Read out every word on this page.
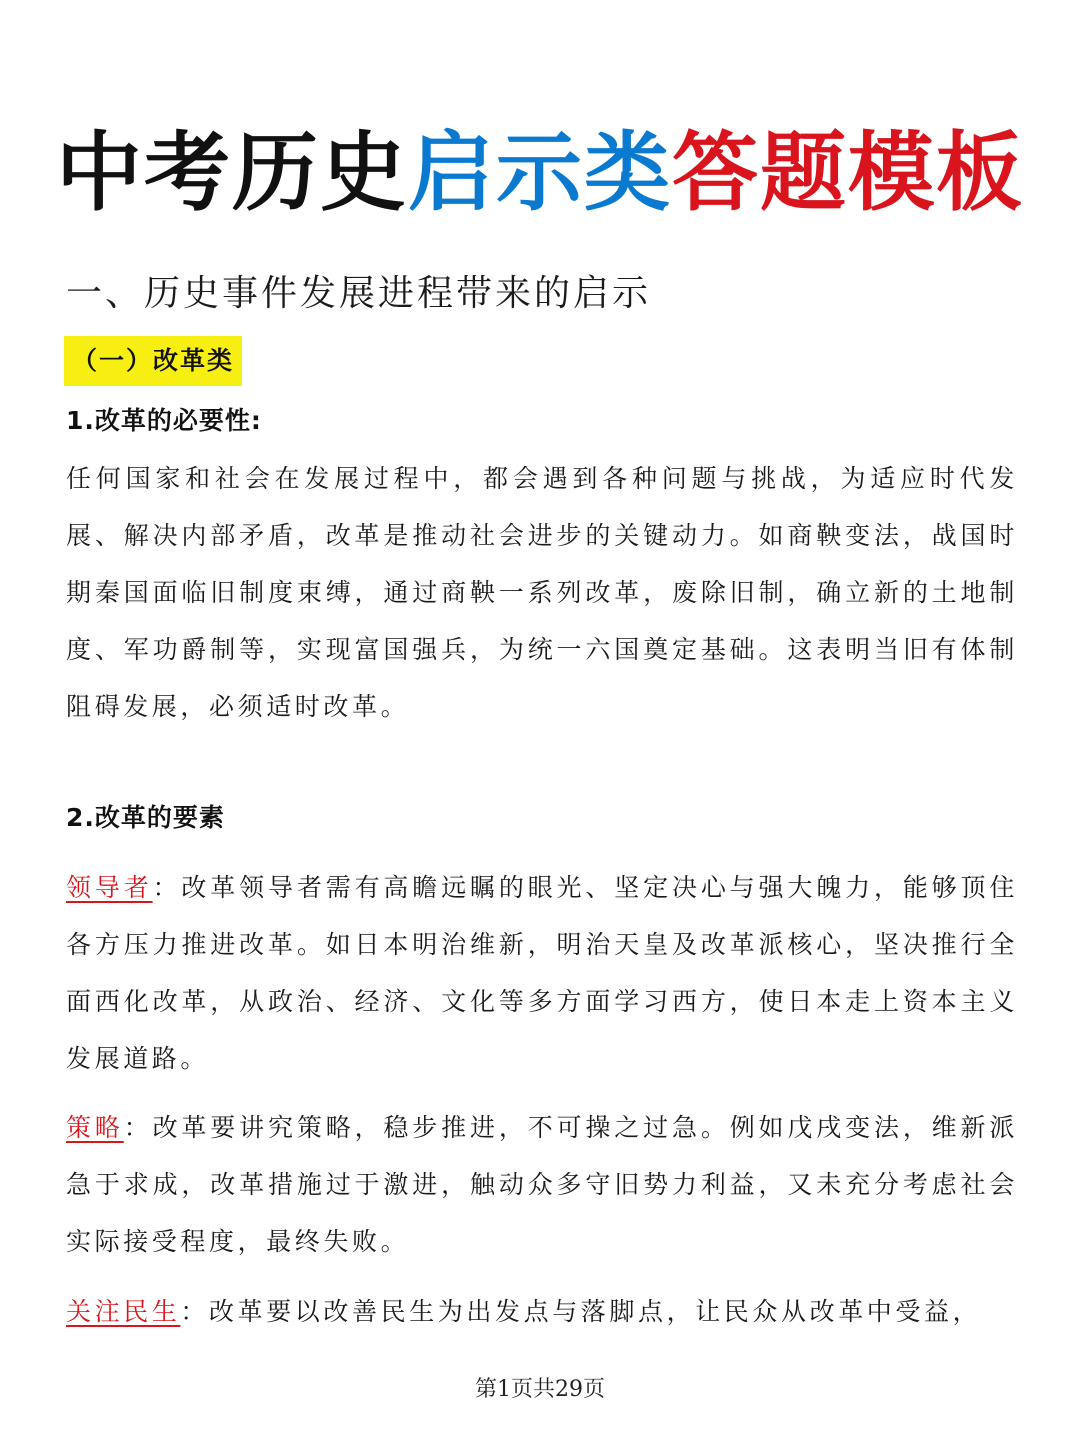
中考历史启示类答题模板
一、历史事件发展进程带来的启示
（一）改革类
1.改革的必要性:

任何国家和社会在发展过程中，都会遇到各种问题与挑战，为适应时代发展、解决内部矛盾，改革是推动社会进步的关键动力。如商鞅变法，战国时期秦国面临旧制度束缚，通过商鞅一系列改革，废除旧制，确立新的土地制度、军功爵制等，实现富国强兵，为统一六国奠定基础。这表明当旧有体制阻碍发展，必须适时改革。

2.改革的要素

领导者：改革领导者需有高瞻远瞩的眼光、坚定决心与强大魄力，能够顶住各方压力推进改革。如日本明治维新，明治天皇及改革派核心，坚决推行全面西化改革，从政治、经济、文化等多方面学习西方，使日本走上资本主义发展道路。

策略：改革要讲究策略，稳步推进，不可操之过急。例如戊戌变法，维新派急于求成，改革措施过于激进，触动众多守旧势力利益，又未充分考虑社会实际接受程度，最终失败。

关注民生：改革要以改善民生为出发点与落脚点，让民众从改革中受益，

第1页共29页
